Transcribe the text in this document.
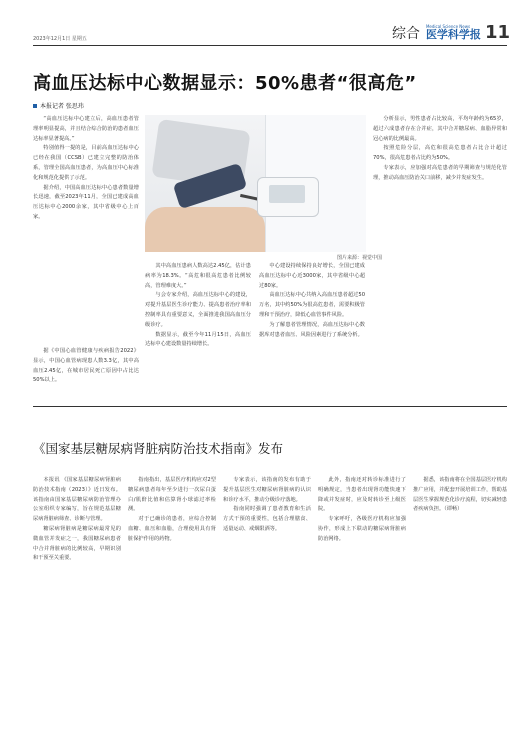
2023年12月1日 星期五	综合 Medical Science News
医学科学报 11
高血压达标中心数据显示：50%患者“很高危”
本报记者 张思玮

“高血压达标中心建立后，高血压患者管理率明显提高，并且结合综合防治的患者血压达标率显著提高。”

特别值得一提的是，目前高血压达标中心已经在我国（CCSB）已建立完整的防治体系，管理全国高血压患者，为高血压中心标准化和规范化提供了示范。

据介绍，中国高血压达标中心患者数量增长迅速，截至2023年11月，全国已建成高血压达标中心2000余家，其中省级中心上百家。

据《中国心血管健康与疾病报告2022》显示，中国心血管病现患人数3.3亿，其中高血压2.45亿，在城市居民死亡原因中占比达50%以上。

图片来源：视觉中国

其中高血压患病人数高达2.45亿，估计患病率为18.3%。“高危和很高危患者比例较高，管理难度大。”

与会专家介绍，高血压达标中心的建设，对提升基层医生诊疗能力、提高患者治疗率和控制率具有重要意义，全面推进我国高血压分级诊疗。

数据显示，截至今年11月15日，高血压达标中心建设数量持续增长。

中心建设持续保持良好增长，全国已建成高血压达标中心近3000家，其中省级中心超过80家。

高血压达标中心共纳入高血压患者超过50万名，其中约50%为很高危患者，需要积极管理和干预治疗，降低心血管事件风险。

为了解患者管理情况，高血压达标中心数据库对患者血压、风险因素进行了系统分析。

分析显示，男性患者占比较高，平均年龄约为65岁，超过六成患者存在合并症，其中合并糖尿病、血脂异常和冠心病的比例最高。

按照危险分层，高危和很高危患者占比合计超过70%，很高危患者占比约为50%。

专家表示，应加强对高危患者的早期筛查与规范化管理，推动高血压防治关口前移，减少并发症发生。

《国家基层糖尿病肾脏病防治技术指南》发布

本报讯 《国家基层糖尿病肾脏病防治技术指南（2023）》近日发布。该指南由国家基层糖尿病防治管理办公室组织专家编写，旨在规范基层糖尿病肾脏病筛查、诊断与管理。

糖尿病肾脏病是糖尿病最常见的微血管并发症之一，我国糖尿病患者中合并肾脏病的比例较高，早期识别和干预至关重要。

指南指出，基层医疗机构应对2型糖尿病患者每年至少进行一次尿白蛋白/肌酐比值和估算肾小球滤过率检测。

对于已确诊的患者，应综合控制血糖、血压和血脂，合理使用具有肾脏保护作用的药物。

专家表示，该指南的发布有助于提升基层医生对糖尿病肾脏病的认识和诊疗水平，推动分级诊疗落地。

指南同时强调了患者教育和生活方式干预的重要性，包括合理膳食、适量运动、戒烟限酒等。

此外，指南还对转诊标准进行了明确规定，当患者出现肾功能快速下降或并发症时，应及时转诊至上级医院。

专家呼吁，各级医疗机构应加强协作，形成上下联动的糖尿病肾脏病防治网络。

据悉，该指南将在全国基层医疗机构推广应用，并配套开展培训工作，帮助基层医生掌握规范化诊疗流程，切实减轻患者疾病负担。（谭畅）
